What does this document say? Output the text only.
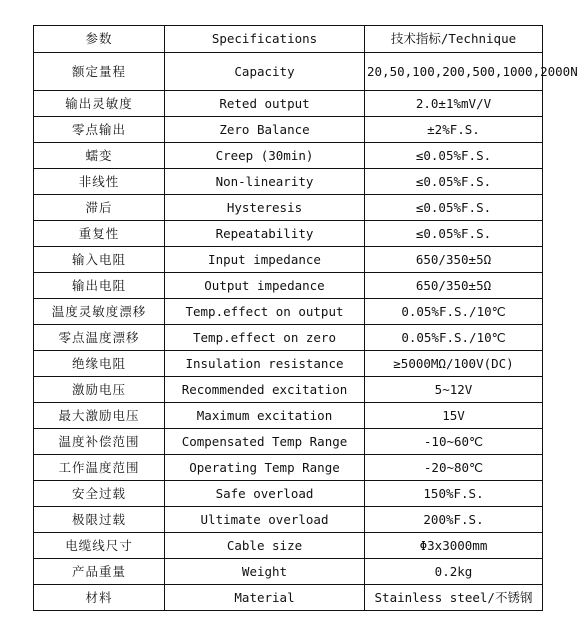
参数	Specifications	技术指标/Technique
额定量程	Capacity	20,50,100,200,500,1000,2000N
输出灵敏度	Reted output	2.0±1%mV/V
零点输出	Zero Balance	±2%F.S.
蠕变	Creep (30min)	≤0.05%F.S.
非线性	Non-linearity	≤0.05%F.S.
滞后	Hysteresis	≤0.05%F.S.
重复性	Repeatability	≤0.05%F.S.
输入电阻	Input impedance	650/350±5Ω
输出电阻	Output impedance	650/350±5Ω
温度灵敏度漂移	Temp.effect on output	0.05%F.S./10℃
零点温度漂移	Temp.effect on zero	0.05%F.S./10℃
绝缘电阻	Insulation resistance	≥5000MΩ/100V(DC)
激励电压	Recommended excitation	5~12V
最大激励电压	Maximum excitation	15V
温度补偿范围	Compensated Temp Range	-10~60℃
工作温度范围	Operating Temp Range	-20~80℃
安全过载	Safe overload	150%F.S.
极限过载	Ultimate overload	200%F.S.
电缆线尺寸	Cable size	Φ3x3000mm
产品重量	Weight	0.2kg
材料	Material	Stainless steel/不锈钢
